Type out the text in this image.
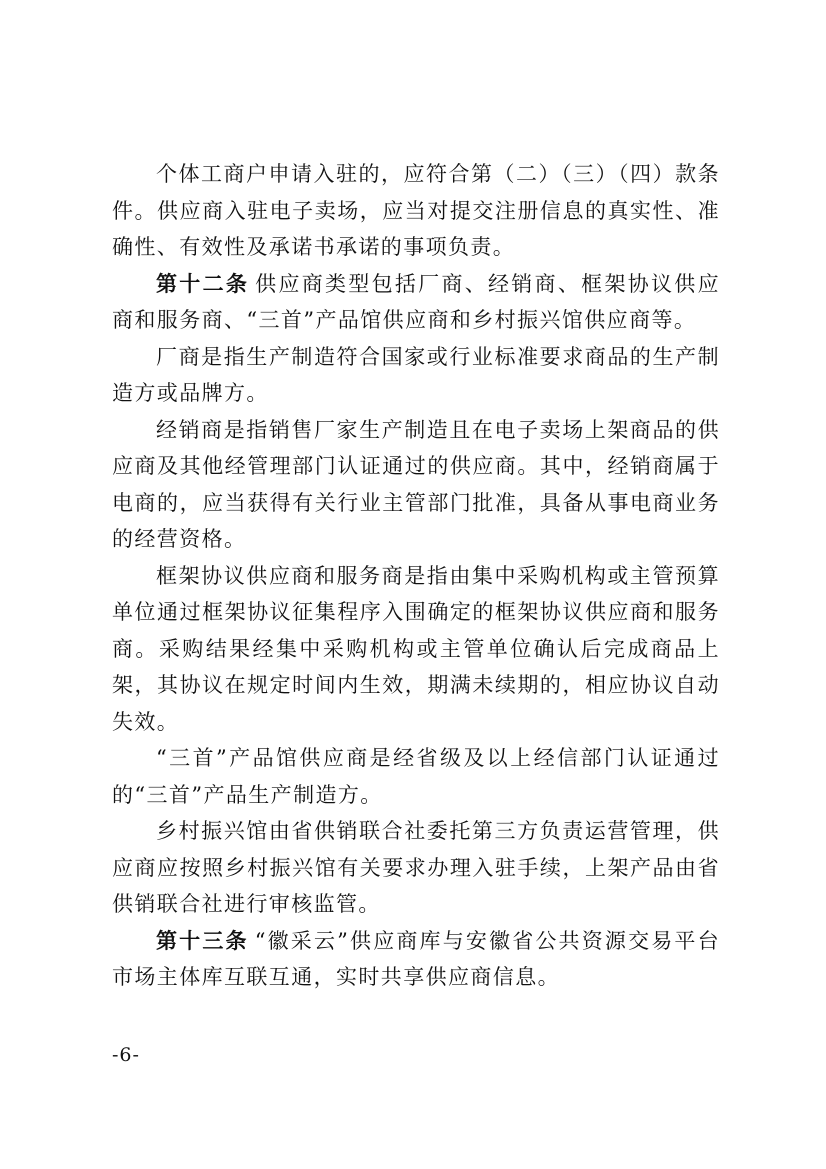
个体工商户申请入驻的，应符合第（二）（三）（四）款条件。供应商入驻电子卖场，应当对提交注册信息的真实性、准确性、有效性及承诺书承诺的事项负责。

第十二条 供应商类型包括厂商、经销商、框架协议供应商和服务商、“三首”产品馆供应商和乡村振兴馆供应商等。

厂商是指生产制造符合国家或行业标准要求商品的生产制造方或品牌方。

经销商是指销售厂家生产制造且在电子卖场上架商品的供应商及其他经管理部门认证通过的供应商。其中，经销商属于电商的，应当获得有关行业主管部门批准，具备从事电商业务的经营资格。

框架协议供应商和服务商是指由集中采购机构或主管预算单位通过框架协议征集程序入围确定的框架协议供应商和服务商。采购结果经集中采购机构或主管单位确认后完成商品上架，其协议在规定时间内生效，期满未续期的，相应协议自动失效。

“三首”产品馆供应商是经省级及以上经信部门认证通过的“三首”产品生产制造方。

乡村振兴馆由省供销联合社委托第三方负责运营管理，供应商应按照乡村振兴馆有关要求办理入驻手续，上架产品由省供销联合社进行审核监管。

第十三条 “徽采云”供应商库与安徽省公共资源交易平台市场主体库互联互通，实时共享供应商信息。

-6-
